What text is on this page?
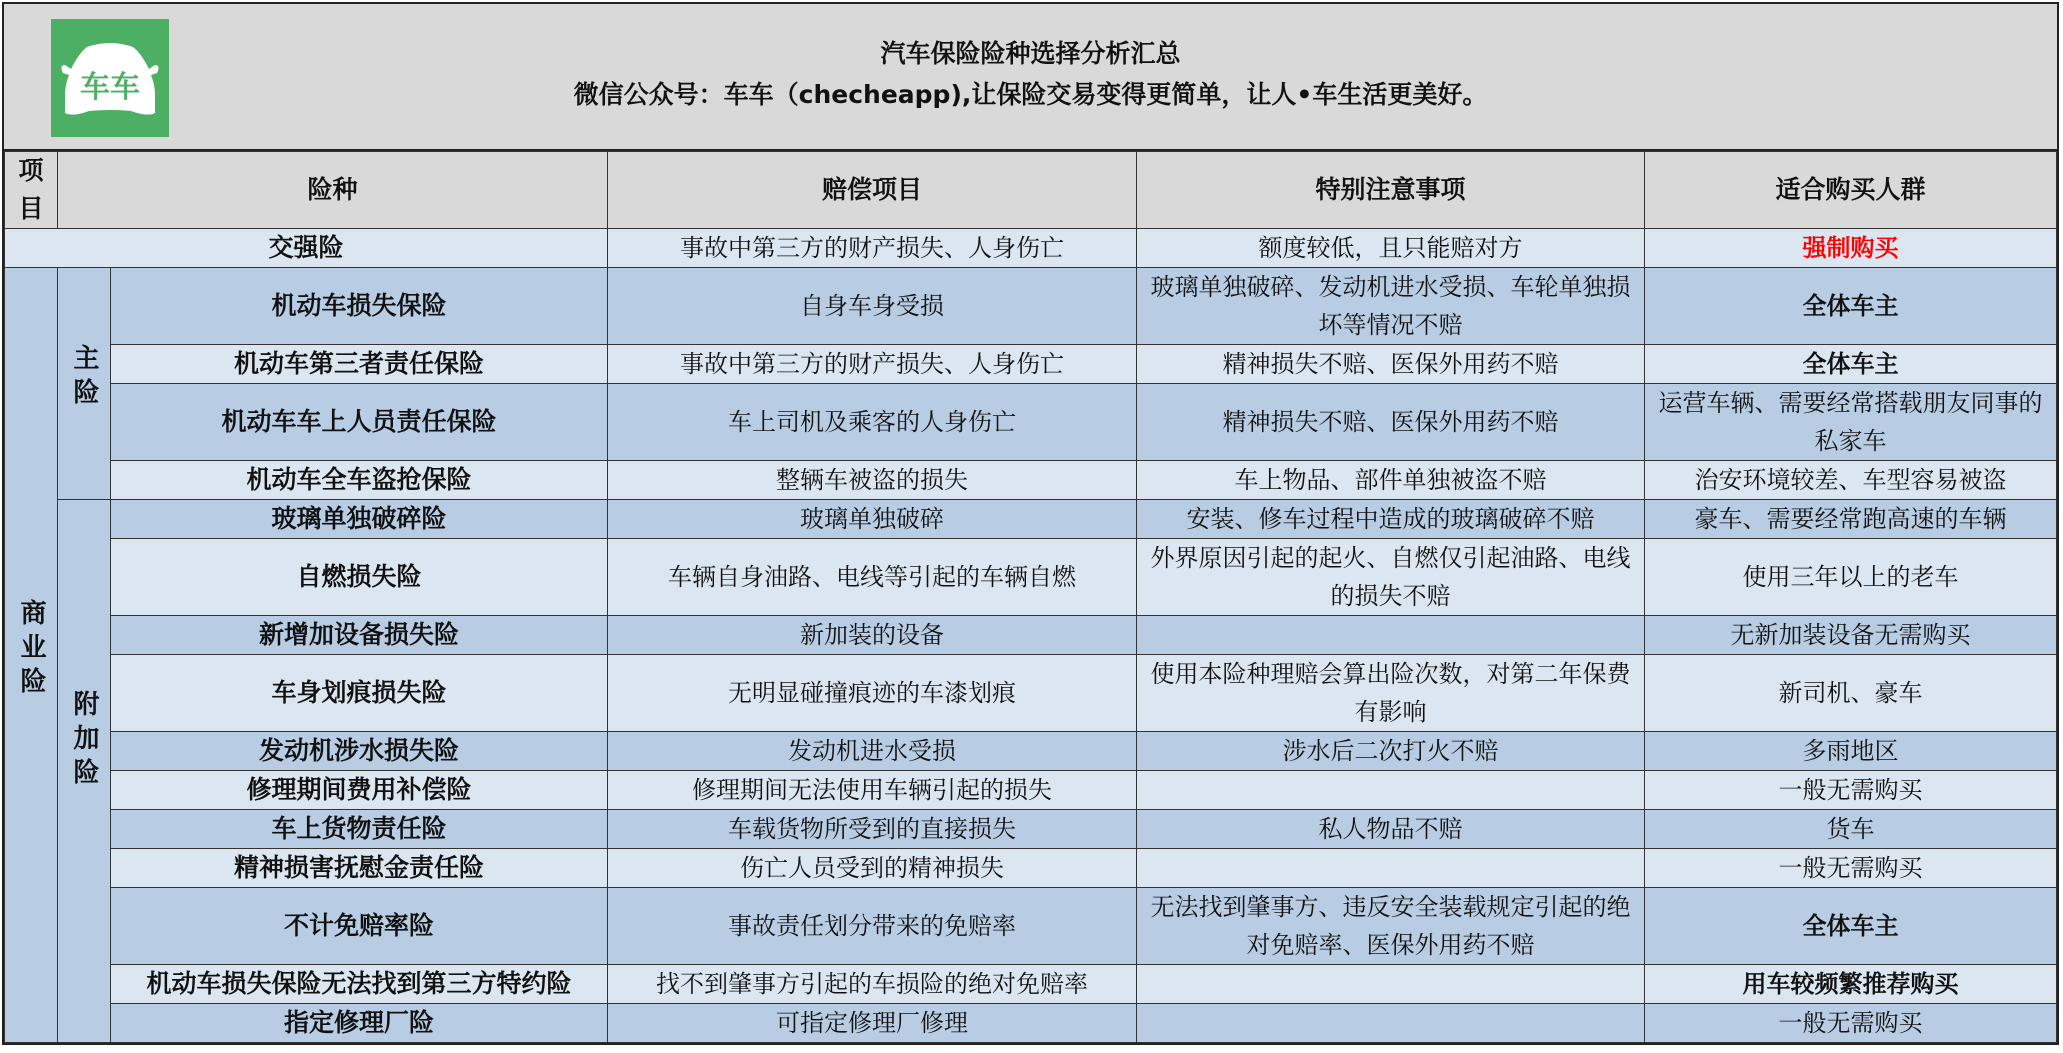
车车
汽车保险险种选择分析汇总
微信公众号：车车（checheapp),让保险交易变得更简单，让人•车生活更美好。
项目	险种	赔偿项目	特别注意事项	适合购买人群
交强险	事故中第三方的财产损失、人身伤亡	额度较低，且只能赔对方	强制购买
商业险	主险	机动车损失保险	自身车身受损	玻璃单独破碎、发动机进水受损、车轮单独损坏等情况不赔	全体车主
机动车第三者责任保险	事故中第三方的财产损失、人身伤亡	精神损失不赔、医保外用药不赔	全体车主
机动车车上人员责任保险	车上司机及乘客的人身伤亡	精神损失不赔、医保外用药不赔	运营车辆、需要经常搭载朋友同事的私家车
机动车全车盗抢保险	整辆车被盗的损失	车上物品、部件单独被盗不赔	治安环境较差、车型容易被盗
附加险	玻璃单独破碎险	玻璃单独破碎	安装、修车过程中造成的玻璃破碎不赔	豪车、需要经常跑高速的车辆
自燃损失险	车辆自身油路、电线等引起的车辆自燃	外界原因引起的起火、自燃仅引起油路、电线的损失不赔	使用三年以上的老车
新增加设备损失险	新加装的设备		无新加装设备无需购买
车身划痕损失险	无明显碰撞痕迹的车漆划痕	使用本险种理赔会算出险次数，对第二年保费有影响	新司机、豪车
发动机涉水损失险	发动机进水受损	涉水后二次打火不赔	多雨地区
修理期间费用补偿险	修理期间无法使用车辆引起的损失		一般无需购买
车上货物责任险	车载货物所受到的直接损失	私人物品不赔	货车
精神损害抚慰金责任险	伤亡人员受到的精神损失		一般无需购买
不计免赔率险	事故责任划分带来的免赔率	无法找到肇事方、违反安全装载规定引起的绝对免赔率、医保外用药不赔	全体车主
机动车损失保险无法找到第三方特约险	找不到肇事方引起的车损险的绝对免赔率		用车较频繁推荐购买
指定修理厂险	可指定修理厂修理		一般无需购买
